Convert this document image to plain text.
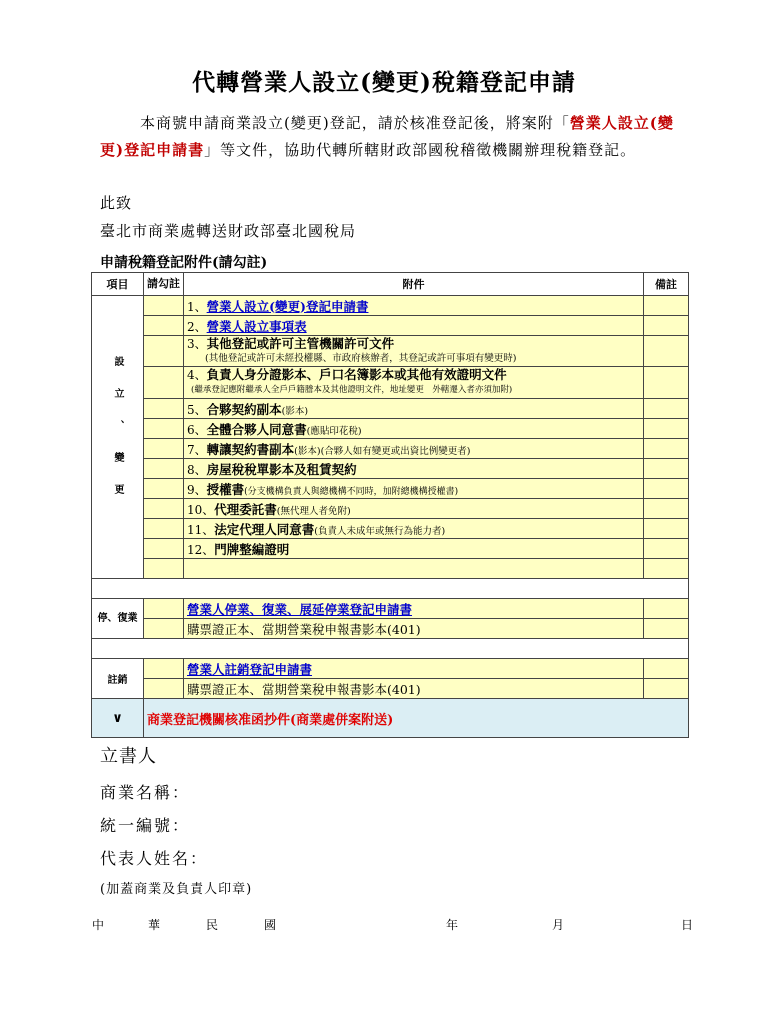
代轉營業人設立(變更)稅籍登記申請
本商號申請商業設立(變更)登記，請於核准登記後，將案附「營業人設立(變更)登記申請書」等文件，協助代轉所轄財政部國稅稽徵機關辦理稅籍登記。
此致
臺北市商業處轉送財政部臺北國稅局
申請稅籍登記附件(請勾註)
項目	請勾註	附件	備註
設立、變更		1、營業人設立(變更)登記申請書	
		2、營業人設立事項表	
		3、其他登記或許可主管機關許可文件
(其他登記或許可未經投權縣、市政府核辦者，其登記或許可事項有變更時)	
		4、負責人身分證影本、戶口名簿影本或其他有效證明文件
(繼承登記應附繼承人全戶戶籍謄本及其他證明文件，地址變更　外轄遷入者亦須加附)	
		5、合夥契約副本(影本)	
		6、全體合夥人同意書(應貼印花稅)	
		7、轉讓契約書副本(影本)(合夥人如有變更或出資比例變更者)	
		8、房屋稅稅單影本及租賃契約	
		9、授權書(分支機構負責人與總機構不同時，加附總機構授權書)	
		10、代理委託書(無代理人者免附)	
		11、法定代理人同意書(負責人未成年或無行為能力者)	
		12、門牌整編證明	

停、復業		營業人停業、復業、展延停業登記申請書	
		購票證正本、當期營業稅申報書影本(401)	

註銷		營業人註銷登記申請書	
		購票證正本、當期營業稅申報書影本(401)	
∨	商業登記機關核准函抄件(商業處併案附送)		
立書人
商業名稱：
統一編號：
代表人姓名：
(加蓋商業及負責人印章)
中	華	民	國	年	月	日
